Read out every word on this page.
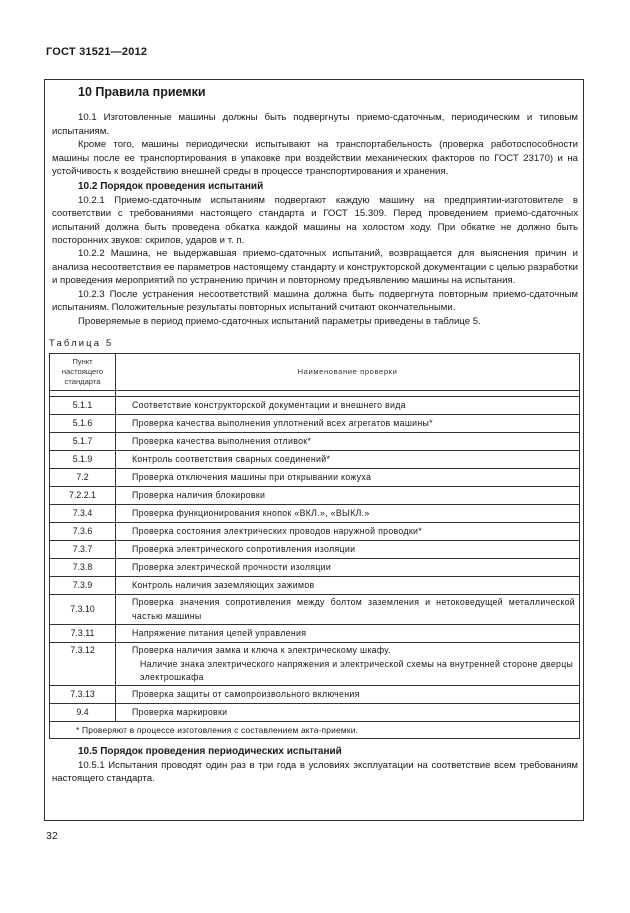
ГОСТ 31521—2012
10 Правила приемки

10.1 Изготовленные машины должны быть подвергнуты приемо-сдаточным, периодическим и типовым испытаниям.

Кроме того, машины периодически испытывают на транспортабельность (проверка работоспособности машины после ее транспортирования в упаковке при воздействии механических факторов по ГОСТ 23170) и на устойчивость к воздействию внешней среды в процессе транспортирования и хранения.

10.2 Порядок проведения испытаний

10.2.1 Приемо-сдаточным испытаниям подвергают каждую машину на предприятии-изготовителе в соответствии с требованиями настоящего стандарта и ГОСТ 15.309. Перед проведением приемо-сдаточных испытаний должна быть проведена обкатка каждой машины на холостом ходу. При обкатке не должно быть посторонних звуков: скрипов, ударов и т. п.

10.2.2 Машина, не выдержавшая приемо-сдаточных испытаний, возвращается для выяснения причин и анализа несоответствия ее параметров настоящему стандарту и конструкторской документации с целью разработки и проведения мероприятий по устранению причин и повторному предъявлению машины на испытания.

10.2.3 После устранения несоответствий машина должна быть подвергнута повторным приемо-сдаточным испытаниям. Положительные результаты повторных испытаний считают окончательными.

Проверяемые в период приемо-сдаточных испытаний параметры приведены в таблице 5.

Таблица 5
Пункт настоящего стандарта	Наименование проверки

5.1.1	Соответствие конструкторской документации и внешнего вида
5.1.6	Проверка качества выполнения уплотнений всех агрегатов машины*
5.1.7	Проверка качества выполнения отливок*
5.1.9	Контроль соответствия сварных соединений*
7.2	Проверка отключения машины при открывании кожуха
7.2.2.1	Проверка наличия блокировки
7.3.4	Проверка функционирования кнопок «ВКЛ.», «ВЫКЛ.»
7.3.6	Проверка состояния электрических проводов наружной проводки*
7.3.7	Проверка электрического сопротивления изоляции
7.3.8	Проверка электрической прочности изоляции
7.3.9	Контроль наличия заземляющих зажимов
7.3.10	Проверка значения сопротивления между болтом заземления и нетоковедущей металлической частью машины
7.3.11	Напряжение питания цепей управления
7.3.12	Проверка наличия замка и ключа к электрическому шкафу.
Наличие знака электрического напряжения и электрической схемы на внутренней стороне дверцы электрошкафа

7.3.13	Проверка защиты от самопроизвольного включения
9.4	Проверка маркировки
* Проверяют в процессе изготовления с составлением акта-приемки.	
10.5 Порядок проведения периодических испытаний

10.5.1 Испытания проводят один раз в три года в условиях эксплуатации на соответствие всем требованиям настоящего стандарта.

32
